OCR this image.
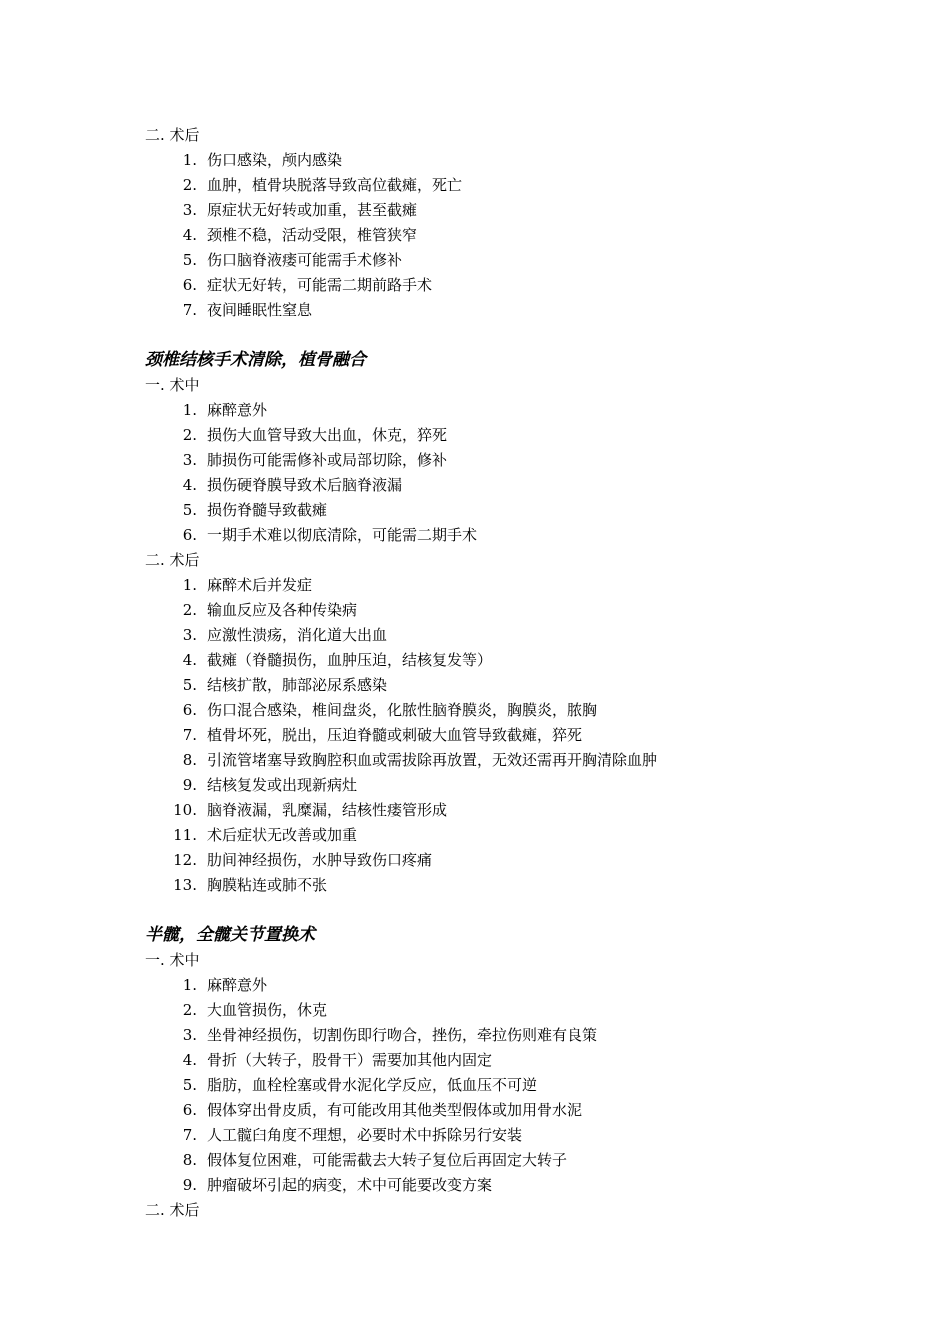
二. 术后
1. 伤口感染，颅内感染
2. 血肿，植骨块脱落导致高位截瘫，死亡
3. 原症状无好转或加重，甚至截瘫
4. 颈椎不稳，活动受限，椎管狭窄
5. 伤口脑脊液瘘可能需手术修补
6. 症状无好转，可能需二期前路手术
7. 夜间睡眠性窒息
颈椎结核手术清除，植骨融合
一. 术中
1. 麻醉意外
2. 损伤大血管导致大出血，休克，猝死
3. 肺损伤可能需修补或局部切除，修补
4. 损伤硬脊膜导致术后脑脊液漏
5. 损伤脊髓导致截瘫
6. 一期手术难以彻底清除，可能需二期手术
二. 术后
1. 麻醉术后并发症
2. 输血反应及各种传染病
3. 应激性溃疡，消化道大出血
4. 截瘫（脊髓损伤，血肿压迫，结核复发等）
5. 结核扩散，肺部泌尿系感染
6. 伤口混合感染，椎间盘炎，化脓性脑脊膜炎，胸膜炎，脓胸
7. 植骨坏死，脱出，压迫脊髓或刺破大血管导致截瘫，猝死
8. 引流管堵塞导致胸腔积血或需拔除再放置，无效还需再开胸清除血肿
9. 结核复发或出现新病灶
10. 脑脊液漏，乳糜漏，结核性瘘管形成
11. 术后症状无改善或加重
12. 肋间神经损伤，水肿导致伤口疼痛
13. 胸膜粘连或肺不张
半髋，全髋关节置换术
一. 术中
1. 麻醉意外
2. 大血管损伤，休克
3. 坐骨神经损伤，切割伤即行吻合，挫伤，牵拉伤则难有良策
4. 骨折（大转子，股骨干）需要加其他内固定
5. 脂肪，血栓栓塞或骨水泥化学反应，低血压不可逆
6. 假体穿出骨皮质，有可能改用其他类型假体或加用骨水泥
7. 人工髋臼角度不理想，必要时术中拆除另行安装
8. 假体复位困难，可能需截去大转子复位后再固定大转子
9. 肿瘤破坏引起的病变，术中可能要改变方案
二. 术后
